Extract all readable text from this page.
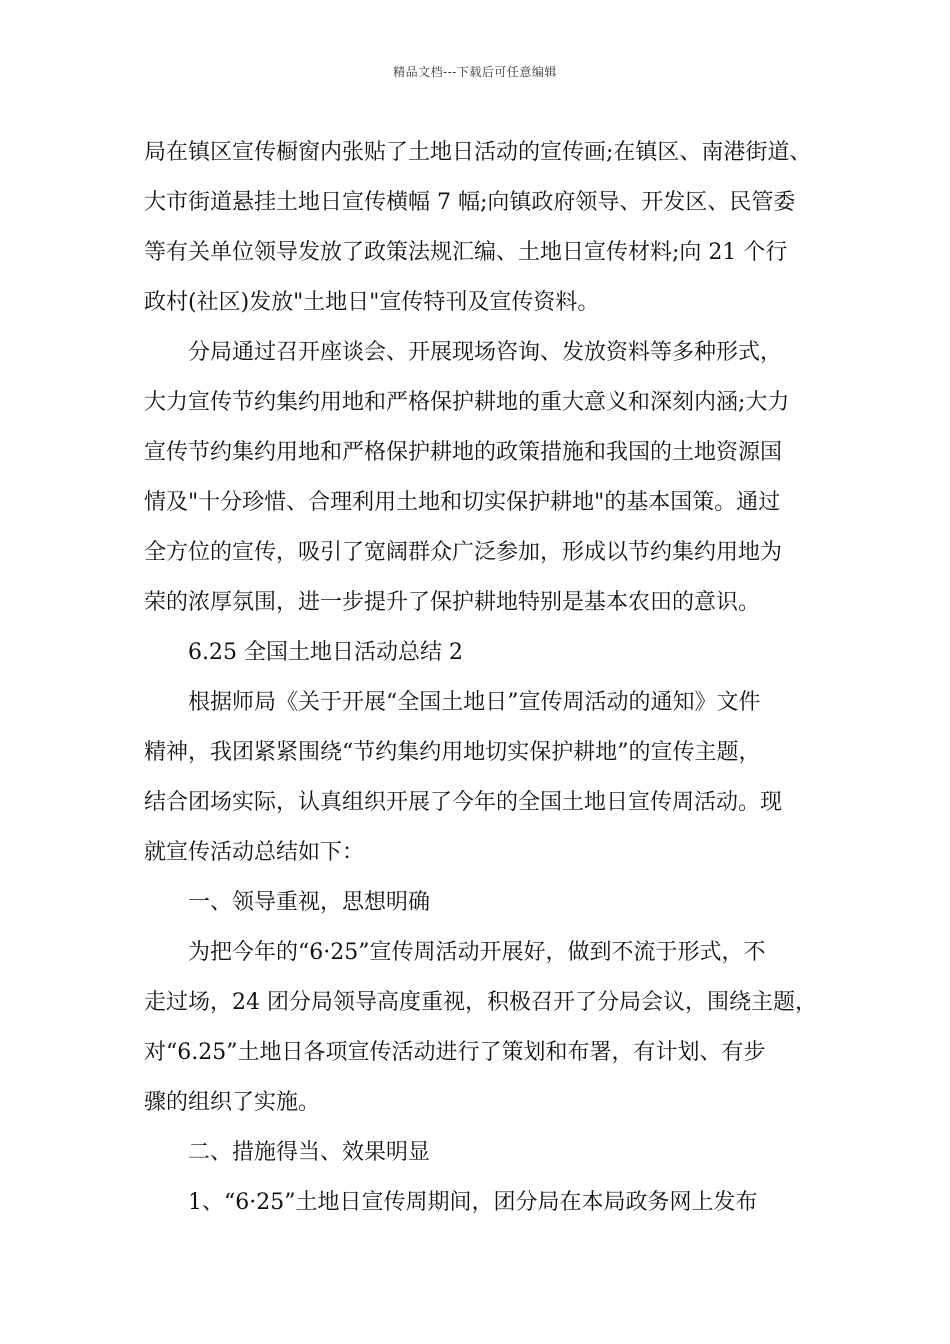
精品文档---下载后可任意编辑
局在镇区宣传橱窗内张贴了土地日活动的宣传画;在镇区、南港街道、
大市街道悬挂土地日宣传横幅 7 幅;向镇政府领导、开发区、民管委
等有关单位领导发放了政策法规汇编、土地日宣传材料;向 21 个行
政村(社区)发放"土地日"宣传特刊及宣传资料。
分局通过召开座谈会、开展现场咨询、发放资料等多种形式，
大力宣传节约集约用地和严格保护耕地的重大意义和深刻内涵;大力
宣传节约集约用地和严格保护耕地的政策措施和我国的土地资源国
情及"十分珍惜、合理利用土地和切实保护耕地"的基本国策。通过
全方位的宣传，吸引了宽阔群众广泛参加，形成以节约集约用地为
荣的浓厚氛围，进一步提升了保护耕地特别是基本农田的意识。
6.25 全国土地日活动总结 2
根据师局《关于开展“全国土地日”宣传周活动的通知》文件
精神，我团紧紧围绕“节约集约用地切实保护耕地”的宣传主题，
结合团场实际，认真组织开展了今年的全国土地日宣传周活动。现
就宣传活动总结如下：
一、领导重视，思想明确
为把今年的“6·25”宣传周活动开展好，做到不流于形式，不
走过场，24 团分局领导高度重视，积极召开了分局会议，围绕主题，
对“6.25”土地日各项宣传活动进行了策划和布署，有计划、有步
骤的组织了实施。
二、措施得当、效果明显
1、“6·25”土地日宣传周期间，团分局在本局政务网上发布
